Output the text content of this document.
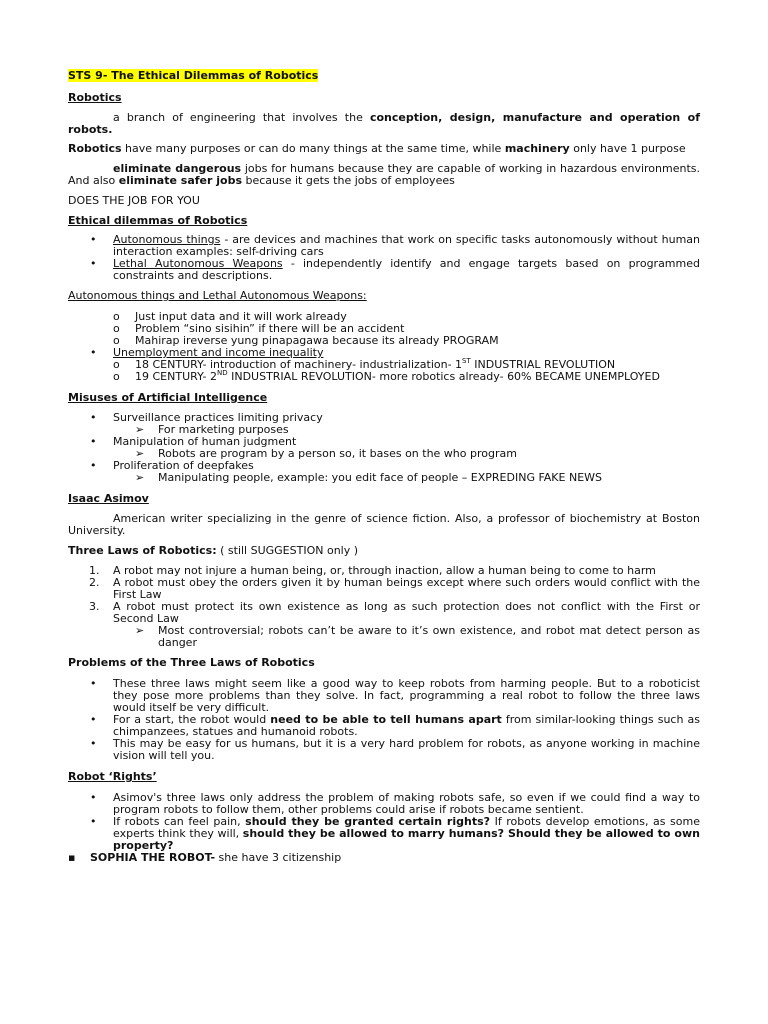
STS 9- The Ethical Dilemmas of Robotics
Robotics

a branch of engineering that involves the conception, design, manufacture and operation of robots.

Robotics have many purposes or can do many things at the same time, while machinery only have 1 purpose

eliminate dangerous jobs for humans because they are capable of working in hazardous environments. And also eliminate safer jobs because it gets the jobs of employees

DOES THE JOB FOR YOU

Ethical dilemmas of Robotics
• Autonomous things - are devices and machines that work on specific tasks autonomously without human interaction examples: self-driving cars
• Lethal Autonomous Weapons - independently identify and engage targets based on programmed constraints and descriptions.
Autonomous things and Lethal Autonomous Weapons:
o Just input data and it will work already
o Problem “sino sisihin” if there will be an accident
o Mahirap ireverse yung pinapagawa because its already PROGRAM
• Unemployment and income inequality
o 18 CENTURY- introduction of machinery- industrialization- 1ST INDUSTRIAL REVOLUTION
o 19 CENTURY- 2ND INDUSTRIAL REVOLUTION- more robotics already- 60% BECAME UNEMPLOYED
Misuses of Artificial Intelligence
• Surveillance practices limiting privacy
➢ For marketing purposes
• Manipulation of human judgment
➢ Robots are program by a person so, it bases on the who program
• Proliferation of deepfakes
➢ Manipulating people, example: you edit face of people – EXPREDING FAKE NEWS
Isaac Asimov

American writer specializing in the genre of science fiction. Also, a professor of biochemistry at Boston University.

Three Laws of Robotics: ( still SUGGESTION only )

1. A robot may not injure a human being, or, through inaction, allow a human being to come to harm
2. A robot must obey the orders given it by human beings except where such orders would conflict with the First Law
3. A robot must protect its own existence as long as such protection does not conflict with the First or Second Law
➢ Most controversial; robots can’t be aware to it’s own existence, and robot mat detect person as danger
Problems of the Three Laws of Robotics
• These three laws might seem like a good way to keep robots from harming people. But to a roboticist they pose more problems than they solve. In fact, programming a real robot to follow the three laws would itself be very difficult.
• For a start, the robot would need to be able to tell humans apart from similar-looking things such as chimpanzees, statues and humanoid robots.
• This may be easy for us humans, but it is a very hard problem for robots, as anyone working in machine vision will tell you.
Robot ‘Rights’
• Asimov's three laws only address the problem of making robots safe, so even if we could find a way to program robots to follow them, other problems could arise if robots became sentient.
• If robots can feel pain, should they be granted certain rights? If robots develop emotions, as some experts think they will, should they be allowed to marry humans? Should they be allowed to own property?
▪ SOPHIA THE ROBOT- she have 3 citizenship
